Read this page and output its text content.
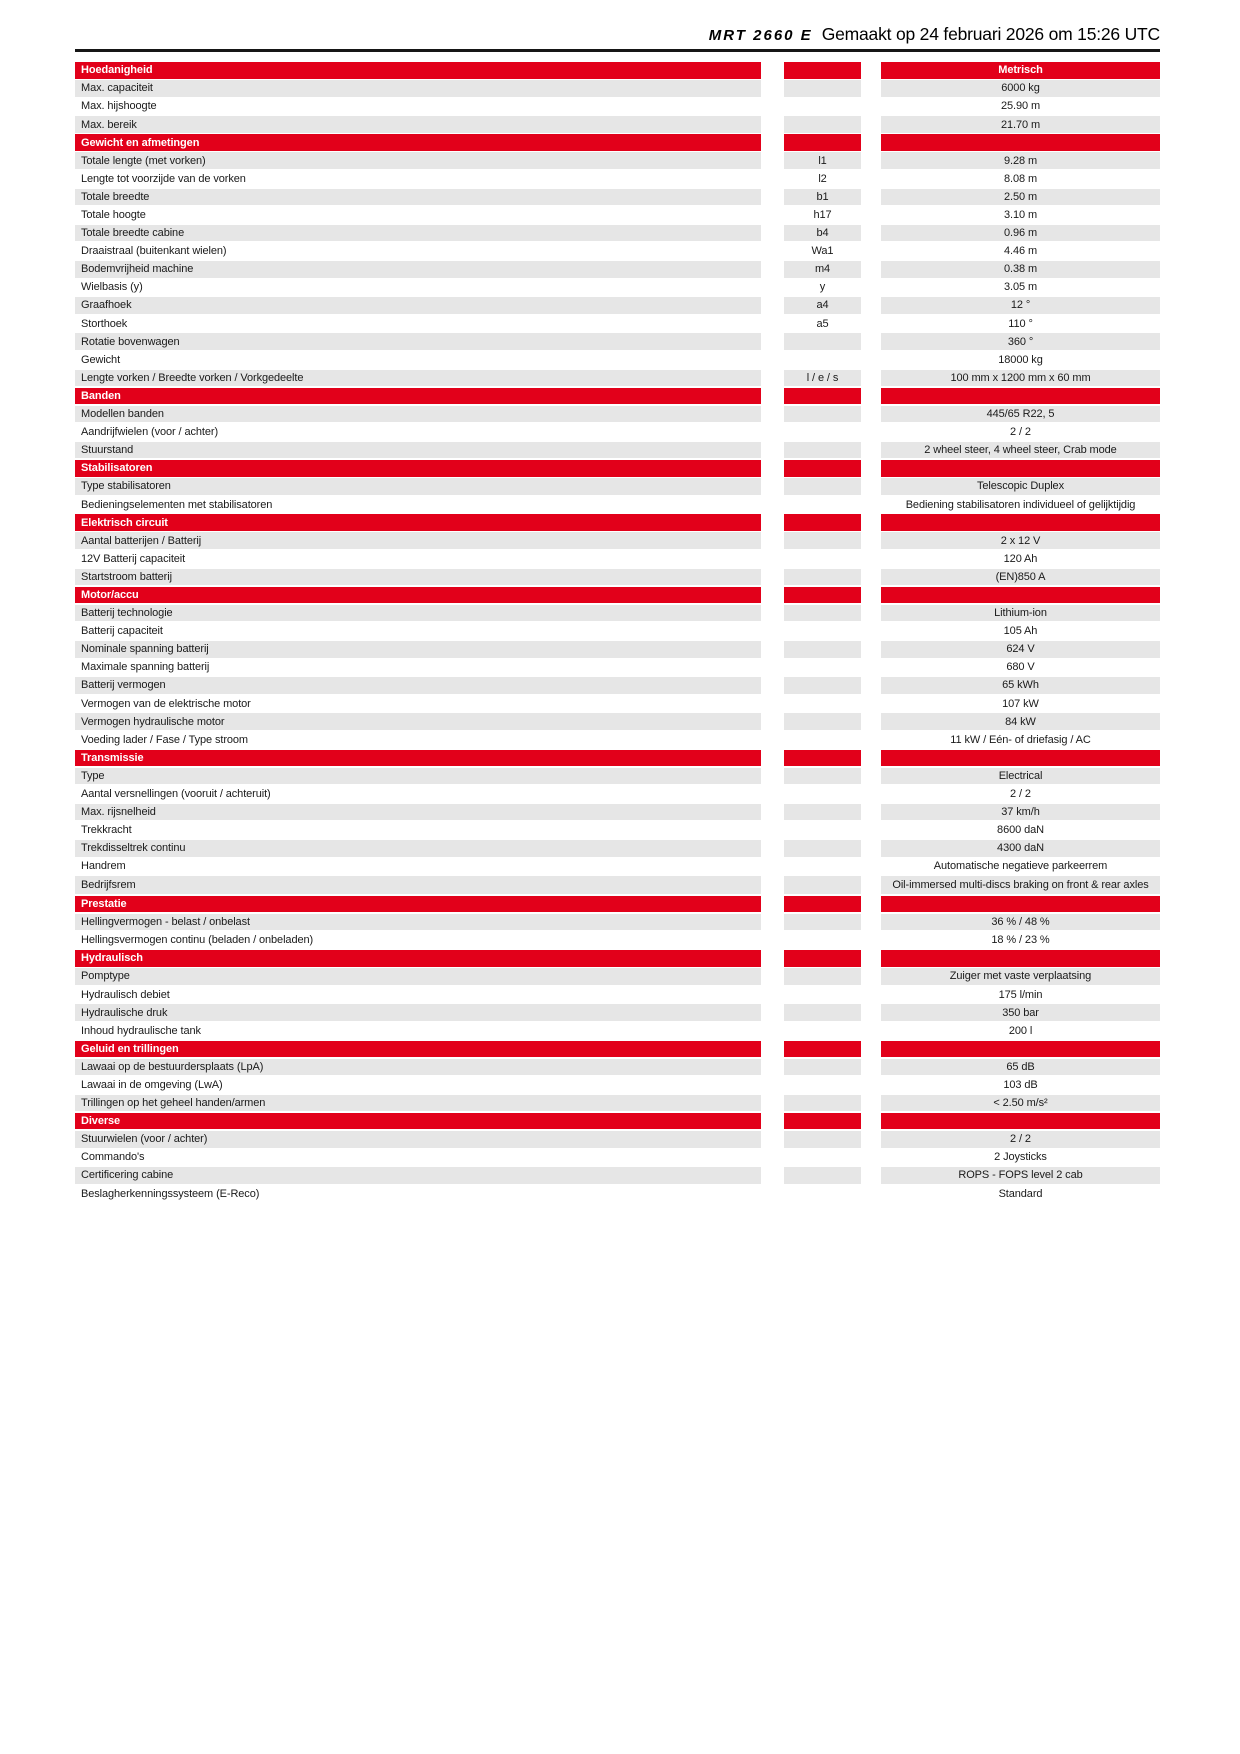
MRT 2660 E Gemaakt op 24 februari 2026 om 15:26 UTC
Hoedanigheid	Metrisch
Max. capaciteit	6000 kg
Max. hijshoogte	25.90 m
Max. bereik	21.70 m
Gewicht en afmetingen
Totale lengte (met vorken)	l1	9.28 m
Lengte tot voorzijde van de vorken	l2	8.08 m
Totale breedte	b1	2.50 m
Totale hoogte	h17	3.10 m
Totale breedte cabine	b4	0.96 m
Draaistraal (buitenkant wielen)	Wa1	4.46 m
Bodemvrijheid machine	m4	0.38 m
Wielbasis (y)	y	3.05 m
Graafhoek	a4	12 °
Storthoek	a5	110 °
Rotatie bovenwagen	360 °
Gewicht	18000 kg
Lengte vorken / Breedte vorken / Vorkgedeelte	l / e / s	100 mm x 1200 mm x 60 mm
Banden
Modellen banden	445/65 R22, 5
Aandrijfwielen (voor / achter)	2 / 2
Stuurstand	2 wheel steer, 4 wheel steer, Crab mode
Stabilisatoren
Type stabilisatoren	Telescopic Duplex
Bedieningselementen met stabilisatoren	Bediening stabilisatoren individueel of gelijktijdig
Elektrisch circuit
Aantal batterijen / Batterij	2 x 12 V
12V Batterij capaciteit	120 Ah
Startstroom batterij	(EN)850 A
Motor/accu
Batterij technologie	Lithium-ion
Batterij capaciteit	105 Ah
Nominale spanning batterij	624 V
Maximale spanning batterij	680 V
Batterij vermogen	65 kWh
Vermogen van de elektrische motor	107 kW
Vermogen hydraulische motor	84 kW
Voeding lader / Fase / Type stroom	11 kW / Eén- of driefasig / AC
Transmissie
Type	Electrical
Aantal versnellingen (vooruit / achteruit)	2 / 2
Max. rijsnelheid	37 km/h
Trekkracht	8600 daN
Trekdisseltrek continu	4300 daN
Handrem	Automatische negatieve parkeerrem
Bedrijfsrem	Oil-immersed multi-discs braking on front & rear axles
Prestatie
Hellingvermogen - belast / onbelast	36 % / 48 %
Hellingsvermogen continu (beladen / onbeladen)	18 % / 23 %
Hydraulisch
Pomptype	Zuiger met vaste verplaatsing
Hydraulisch debiet	175 l/min
Hydraulische druk	350 bar
Inhoud hydraulische tank	200 l
Geluid en trillingen
Lawaai op de bestuurdersplaats (LpA)	65 dB
Lawaai in de omgeving (LwA)	103 dB
Trillingen op het geheel handen/armen	< 2.50 m/s²
Diverse
Stuurwielen (voor / achter)	2 / 2
Commando's	2 Joysticks
Certificering cabine	ROPS - FOPS level 2 cab
Beslagherkenningssysteem (E-Reco)	Standard
